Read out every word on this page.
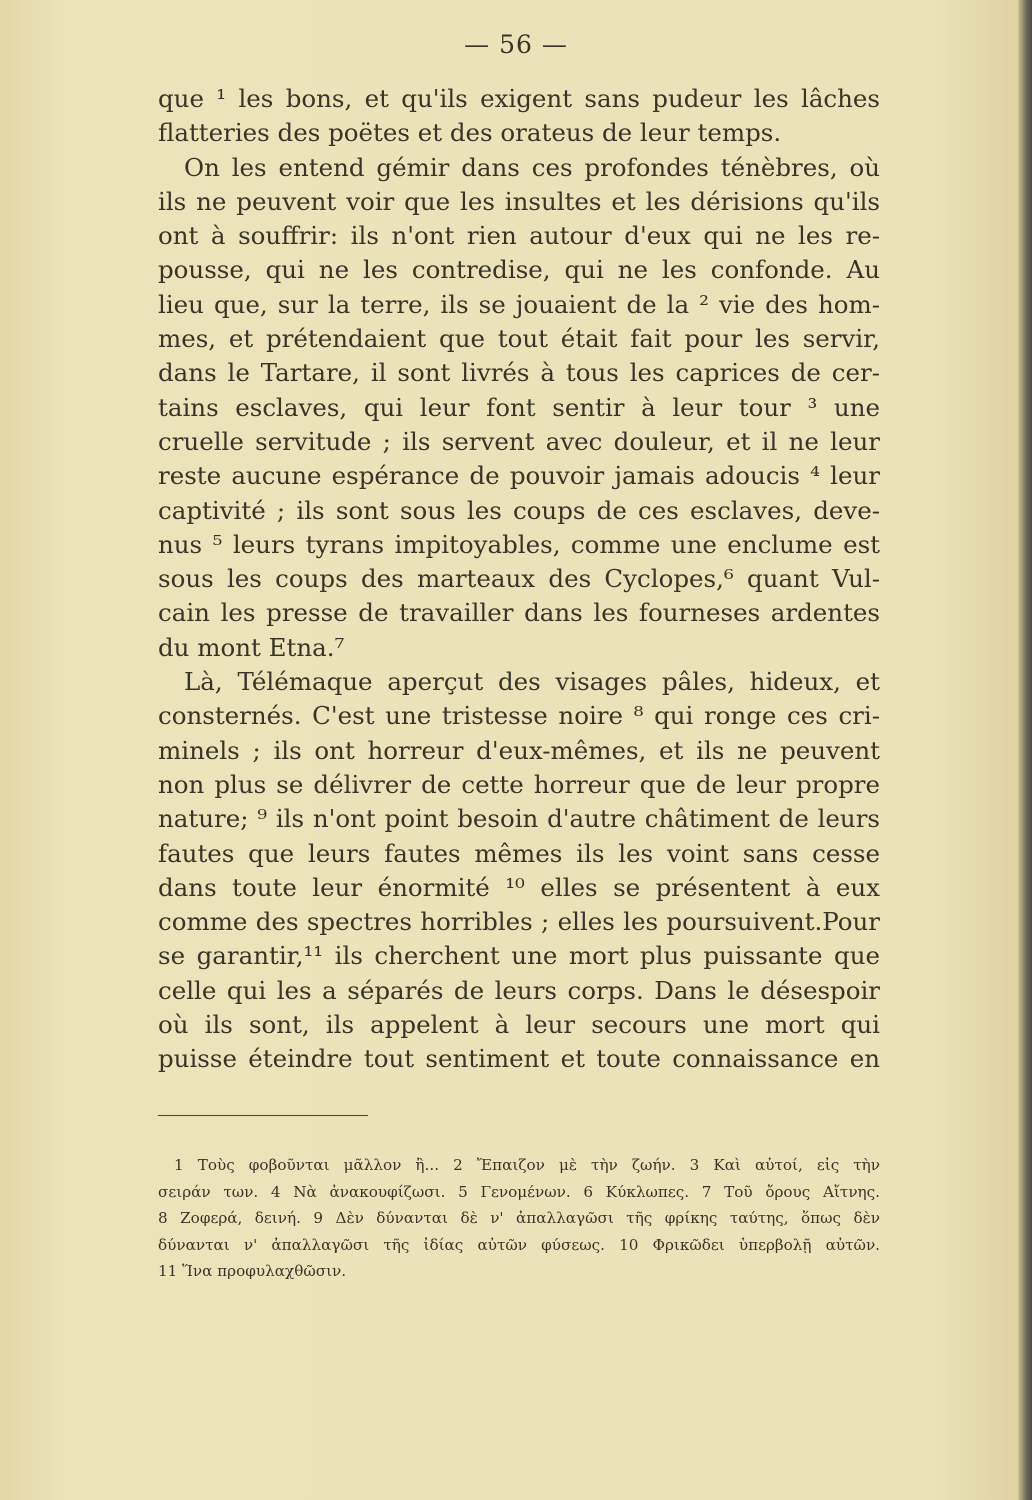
— 56 —
que ¹ les bons, et qu'ils exigent sans pudeur les lâches
flatteries des poëtes et des orateus de leur temps.
On les entend gémir dans ces profondes ténèbres, où
ils ne peuvent voir que les insultes et les dérisions qu'ils
ont à souffrir: ils n'ont rien autour d'eux qui ne les re-
pousse, qui ne les contredise, qui ne les confonde. Au
lieu que, sur la terre, ils se jouaient de la ² vie des hom-
mes, et prétendaient que tout était fait pour les servir,
dans le Tartare, il sont livrés à tous les caprices de cer-
tains esclaves, qui leur font sentir à leur tour ³ une
cruelle servitude ; ils servent avec douleur, et il ne leur
reste aucune espérance de pouvoir jamais adoucis ⁴ leur
captivité ; ils sont sous les coups de ces esclaves, deve-
nus ⁵ leurs tyrans impitoyables, comme une enclume est
sous les coups des marteaux des Cyclopes,⁶ quant Vul-
cain les presse de travailler dans les fourneses ardentes
du mont Etna.⁷
Là, Télémaque aperçut des visages pâles, hideux, et
consternés. C'est une tristesse noire ⁸ qui ronge ces cri-
minels ; ils ont horreur d'eux-mêmes, et ils ne peuvent
non plus se délivrer de cette horreur que de leur propre
nature; ⁹ ils n'ont point besoin d'autre châtiment de leurs
fautes que leurs fautes mêmes ils les voint sans cesse
dans toute leur énormité ¹⁰ elles se présentent à eux
comme des spectres horribles ; elles les poursuivent.Pour
se garantir,¹¹ ils cherchent une mort plus puissante que
celle qui les a séparés de leurs corps. Dans le désespoir
où ils sont, ils appelent à leur secours une mort qui
puisse éteindre tout sentiment et toute connaissance en
1 Τοὺς φοβοῦνται μᾶλλον ἢ... 2 Ἔπαιζον μὲ τὴν ζωήν. 3 Καὶ αὐτοί, εἰς τὴν
σειράν των. 4 Νὰ ἀνακουφίζωσι. 5 Γενομένων. 6 Κύκλωπες. 7 Τοῦ ὄρους Αἴτνης.
8 Ζοφερά, δεινή. 9 Δὲν δύνανται δὲ ν' ἀπαλλαγῶσι τῆς φρίκης ταύτης, ὅπως δὲν
δύνανται ν' ἀπαλλαγῶσι τῆς ἰδίας αὐτῶν φύσεως. 10 Φρικῶδει ὑπερβολῇ αὐτῶν.
11 Ἵνα προφυλαχθῶσιν.
